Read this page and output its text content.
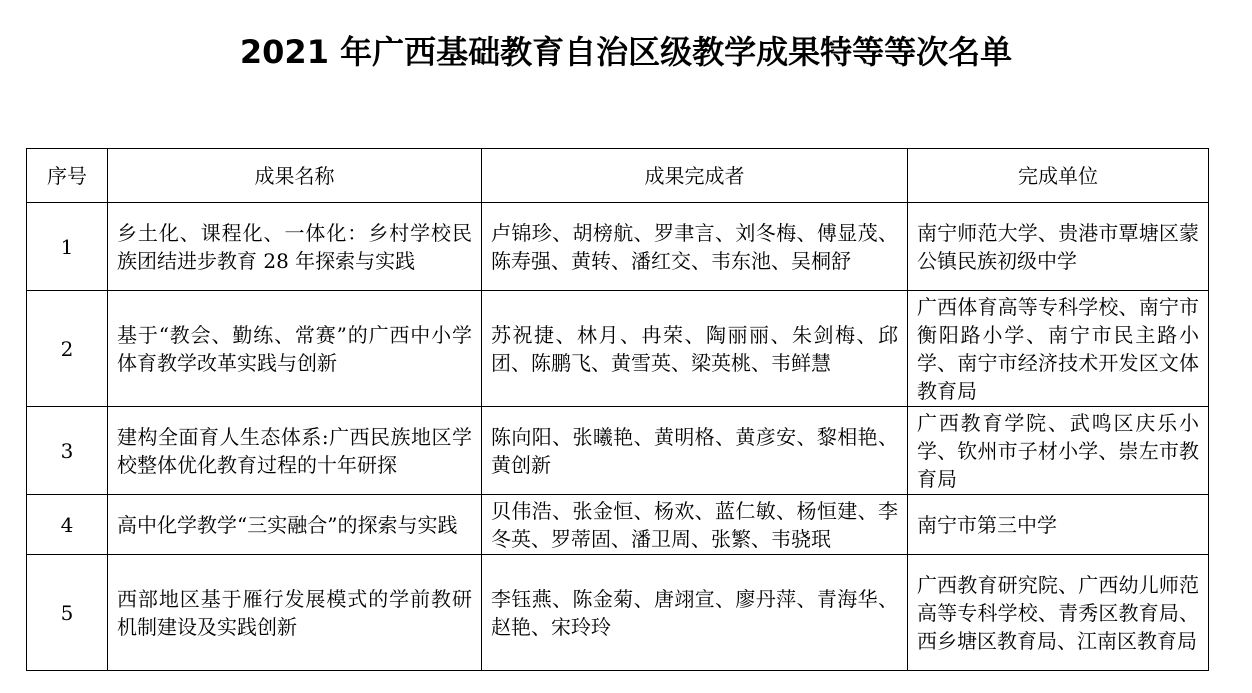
2021 年广西基础教育自治区级教学成果特等等次名单
序号	成果名称	成果完成者	完成单位
1	乡土化、课程化、一体化：乡村学校民族团结进步教育 28 年探索与实践	卢锦珍、胡榜航、罗聿言、刘冬梅、傅显茂、陈寿强、黄转、潘红交、韦东池、吴桐舒	南宁师范大学、贵港市覃塘区蒙公镇民族初级中学
2	基于“教会、勤练、常赛”的广西中小学体育教学改革实践与创新	苏祝捷、林月、冉荣、陶丽丽、朱剑梅、邱团、陈鹏飞、黄雪英、梁英桃、韦鲜慧	广西体育高等专科学校、南宁市衡阳路小学、南宁市民主路小学、南宁市经济技术开发区文体教育局
3	建构全面育人生态体系:广西民族地区学校整体优化教育过程的十年研探	陈向阳、张曦艳、黄明格、黄彦安、黎相艳、黄创新	广西教育学院、武鸣区庆乐小学、钦州市子材小学、崇左市教育局
4	高中化学教学“三实融合”的探索与实践	贝伟浩、张金恒、杨欢、蓝仁敏、杨恒建、李冬英、罗蒂固、潘卫周、张繁、韦骁珉	南宁市第三中学
5	西部地区基于雁行发展模式的学前教研机制建设及实践创新	李钰燕、陈金菊、唐翊宣、廖丹萍、青海华、赵艳、宋玲玲	广西教育研究院、广西幼儿师范高等专科学校、青秀区教育局、西乡塘区教育局、江南区教育局
